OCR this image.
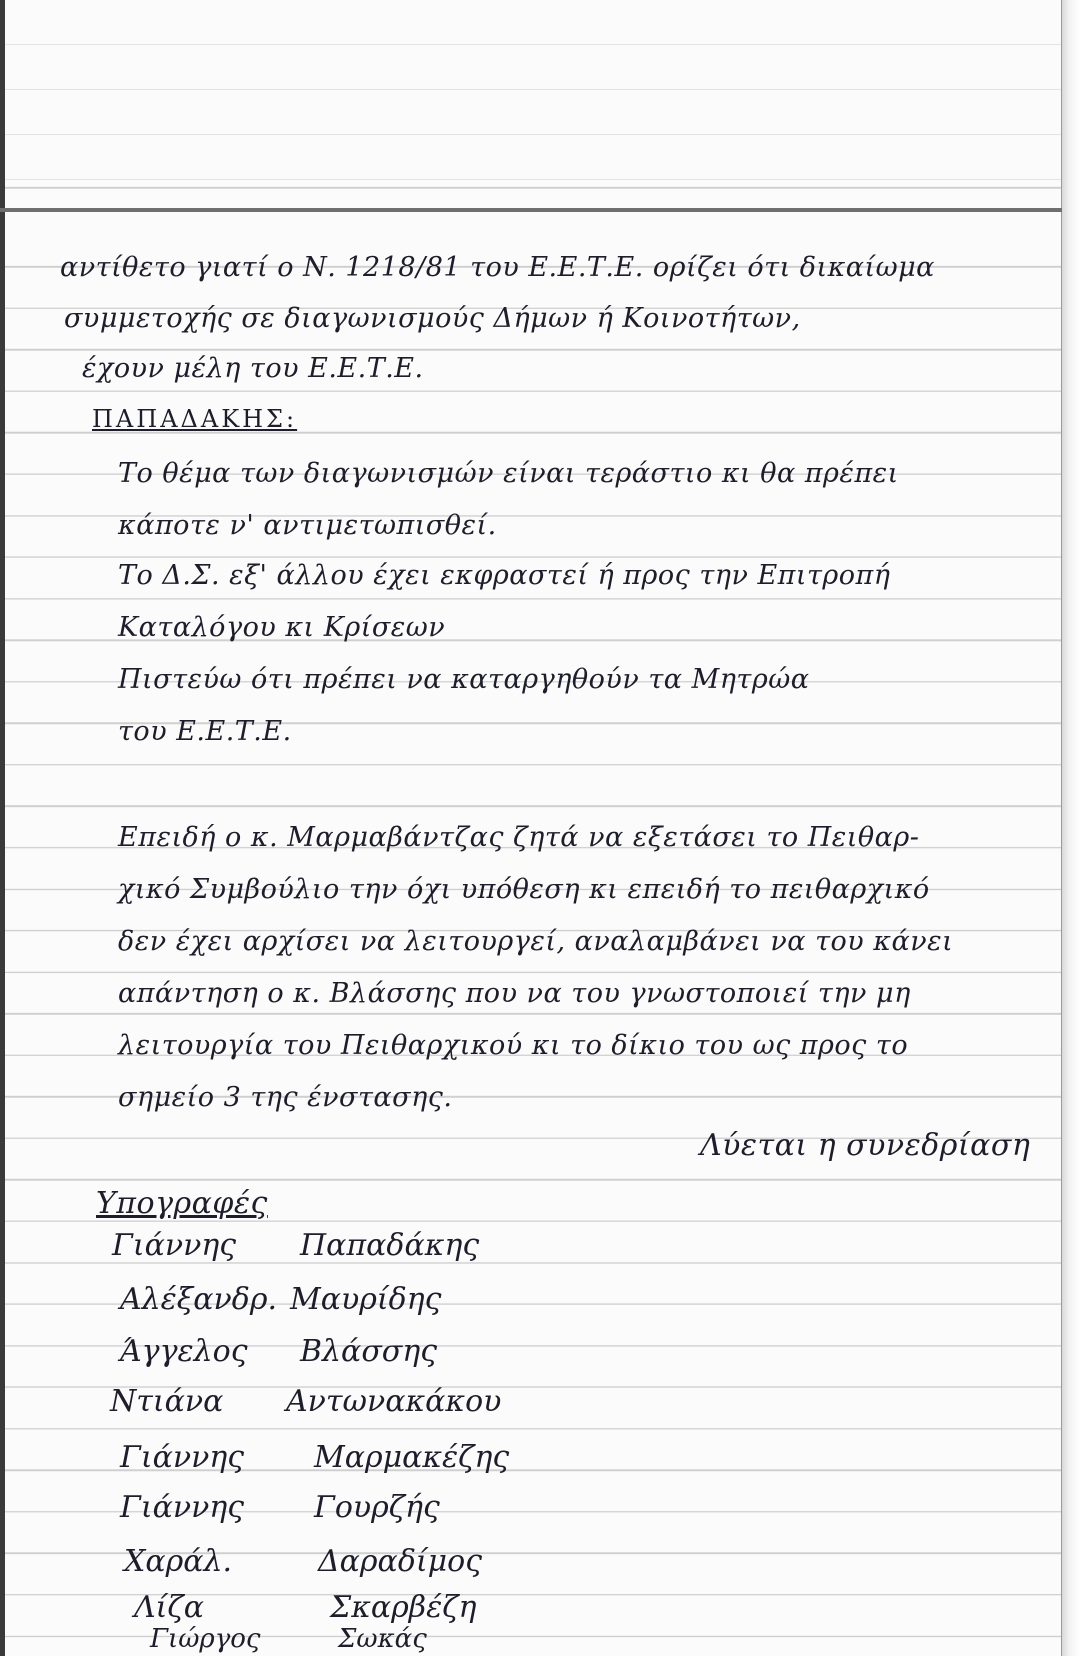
αντίθετο γιατί ο Ν. 1218/81 του Ε.Ε.Τ.Ε. ορίζει ότι δικαίωμα
συμμετοχής σε διαγωνισμούς Δήμων ή Κοινοτήτων,
έχουν μέλη του Ε.Ε.Τ.Ε.
ΠΑΠΑΔΑΚΗΣ:
Το θέμα των διαγωνισμών είναι τεράστιο κι θα πρέπει
κάποτε ν' αντιμετωπισθεί.
Το Δ.Σ. εξ' άλλου έχει εκφραστεί ή προς την Επιτροπή
Καταλόγου κι Κρίσεων
Πιστεύω ότι πρέπει να καταργηθούν τα Μητρώα
του Ε.Ε.Τ.Ε.
Επειδή ο κ. Μαρμαβάντζας ζητά να εξετάσει το Πειθαρ-
χικό Συμβούλιο την όχι υπόθεση κι επειδή το πειθαρχικό
δεν έχει αρχίσει να λειτουργεί, αναλαμβάνει να του κάνει
απάντηση ο κ. Βλάσσης που να του γνωστοποιεί την μη
λειτουργία του Πειθαρχικού κι το δίκιο του ως προς το
σημείο 3 της ένστασης.
Λύεται η συνεδρίαση
Υπογραφές
Γιάννης Παπαδάκης
Αλέξανδρ. Μαυρίδης
Άγγελος Βλάσσης
Ντιάνα Αντωνακάκου
Γιάννης Μαρμακέζης
Γιάννης Γουρζής
Χαράλ.	Δαραδίμος
Λίζα	Σκαρβέζη
Γιώργος	Σωκάς
